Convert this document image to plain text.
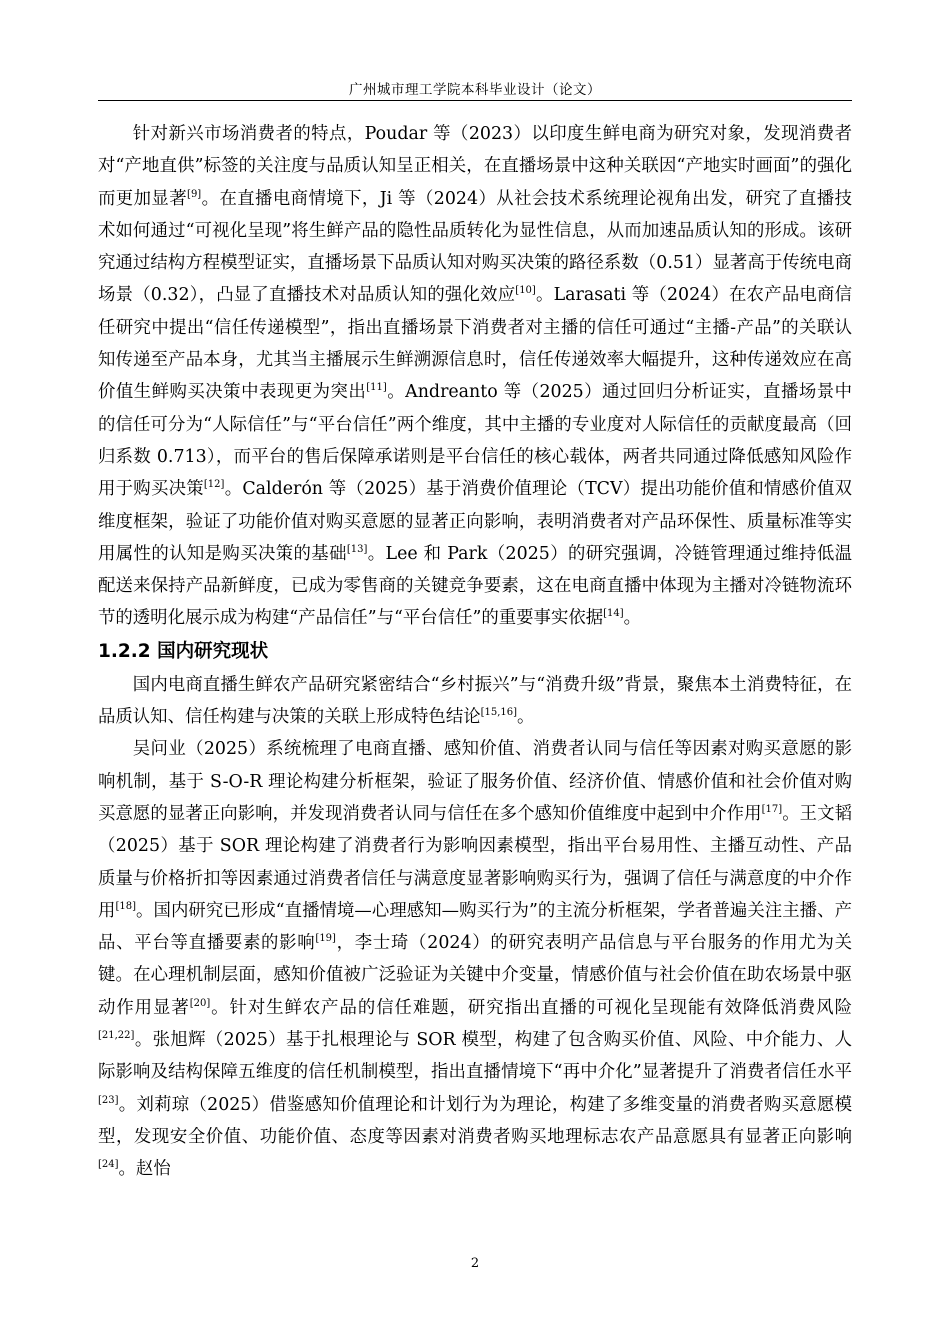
广州城市理工学院本科毕业设计（论文）

针对新兴市场消费者的特点，Poudar 等（2023）以印度生鲜电商为研究对象，发现消费者对“产地直供”标签的关注度与品质认知呈正相关，在直播场景中这种关联因“产地实时画面”的强化而更加显著[9]。在直播电商情境下，Ji 等（2024）从社会技术系统理论视角出发，研究了直播技术如何通过“可视化呈现”将生鲜产品的隐性品质转化为显性信息，从而加速品质认知的形成。该研究通过结构方程模型证实，直播场景下品质认知对购买决策的路径系数（0.51）显著高于传统电商场景（0.32），凸显了直播技术对品质认知的强化效应[10]。Larasati 等（2024）在农产品电商信任研究中提出“信任传递模型”，指出直播场景下消费者对主播的信任可通过“主播-产品”的关联认知传递至产品本身，尤其当主播展示生鲜溯源信息时，信任传递效率大幅提升，这种传递效应在高价值生鲜购买决策中表现更为突出[11]。Andreanto 等（2025）通过回归分析证实，直播场景中的信任可分为“人际信任”与“平台信任”两个维度，其中主播的专业度对人际信任的贡献度最高（回归系数 0.713），而平台的售后保障承诺则是平台信任的核心载体，两者共同通过降低感知风险作用于购买决策[12]。Calderón 等（2025）基于消费价值理论（TCV）提出功能价值和情感价值双维度框架，验证了功能价值对购买意愿的显著正向影响，表明消费者对产品环保性、质量标准等实用属性的认知是购买决策的基础[13]。Lee 和 Park（2025）的研究强调，冷链管理通过维持低温配送来保持产品新鲜度，已成为零售商的关键竞争要素，这在电商直播中体现为主播对冷链物流环节的透明化展示成为构建“产品信任”与“平台信任”的重要事实依据[14]。

1.2.2 国内研究现状

国内电商直播生鲜农产品研究紧密结合“乡村振兴”与“消费升级”背景，聚焦本土消费特征，在品质认知、信任构建与决策的关联上形成特色结论[15,16]。

吴问业（2025）系统梳理了电商直播、感知价值、消费者认同与信任等因素对购买意愿的影响机制，基于 S-O-R 理论构建分析框架，验证了服务价值、经济价值、情感价值和社会价值对购买意愿的显著正向影响，并发现消费者认同与信任在多个感知价值维度中起到中介作用[17]。王文韬（2025）基于 SOR 理论构建了消费者行为影响因素模型，指出平台易用性、主播互动性、产品质量与价格折扣等因素通过消费者信任与满意度显著影响购买行为，强调了信任与满意度的中介作用[18]。国内研究已形成“直播情境—心理感知—购买行为”的主流分析框架，学者普遍关注主播、产品、平台等直播要素的影响[19]，李士琦（2024）的研究表明产品信息与平台服务的作用尤为关键。在心理机制层面，感知价值被广泛验证为关键中介变量，情感价值与社会价值在助农场景中驱动作用显著[20]。针对生鲜农产品的信任难题，研究指出直播的可视化呈现能有效降低消费风险[21,22]。张旭辉（2025）基于扎根理论与 SOR 模型，构建了包含购买价值、风险、中介能力、人际影响及结构保障五维度的信任机制模型，指出直播情境下“再中介化”显著提升了消费者信任水平[23]。刘莉琼（2025）借鉴感知价值理论和计划行为为理论，构建了多维变量的消费者购买意愿模型，发现安全价值、功能价值、态度等因素对消费者购买地理标志农产品意愿具有显著正向影响[24]。赵怡

2
